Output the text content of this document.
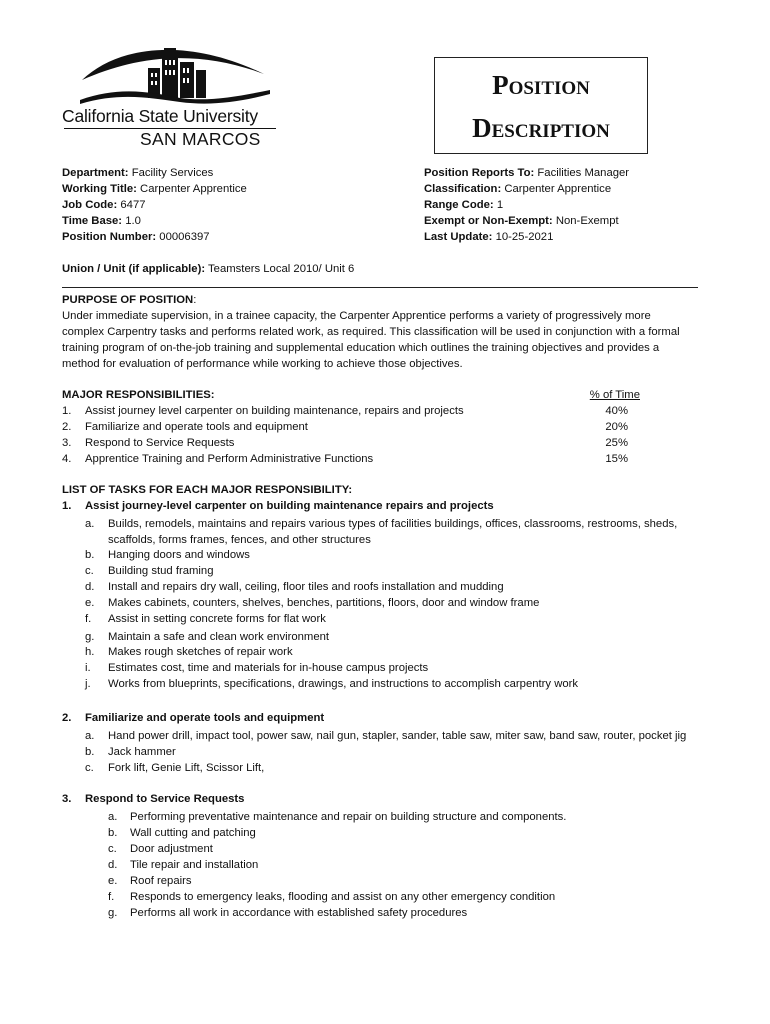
California State University
SAN MARCOS
Position
Description
Department: Facility Services
Working Title: Carpenter Apprentice
Job Code: 6477
Time Base: 1.0
Position Number: 00006397
Position Reports To: Facilities Manager
Classification: Carpenter Apprentice
Range Code: 1
Exempt or Non-Exempt: Non-Exempt
Last Update: 10-25-2021
Union / Unit (if applicable): Teamsters Local 2010/ Unit 6
PURPOSE OF POSITION:
Under immediate supervision, in a trainee capacity, the Carpenter Apprentice performs a variety of progressively more
complex Carpentry tasks and performs related work, as required. This classification will be used in conjunction with a formal
training program of on-the-job training and supplemental education which outlines the training objectives and provides a
method for evaluation of performance while working to achieve those objectives.
MAJOR RESPONSIBILITIES:	% of Time
1. Assist journey level carpenter on building maintenance, repairs and projects	40%
2. Familiarize and operate tools and equipment	20%
3. Respond to Service Requests	25%
4. Apprentice Training and Perform Administrative Functions	15%
LIST OF TASKS FOR EACH MAJOR RESPONSIBILITY:
1. Assist journey-level carpenter on building maintenance repairs and projects
a. Builds, remodels, maintains and repairs various types of facilities buildings, offices, classrooms, restrooms, sheds,
scaffolds, forms frames, fences, and other structures
b. Hanging doors and windows
c. Building stud framing
d. Install and repairs dry wall, ceiling, floor tiles and roofs installation and mudding
e. Makes cabinets, counters, shelves, benches, partitions, floors, door and window frame
f. Assist in setting concrete forms for flat work
g. Maintain a safe and clean work environment
h. Makes rough sketches of repair work
i. Estimates cost, time and materials for in-house campus projects
j. Works from blueprints, specifications, drawings, and instructions to accomplish carpentry work
2. Familiarize and operate tools and equipment
a. Hand power drill, impact tool, power saw, nail gun, stapler, sander, table saw, miter saw, band saw, router, pocket jig
b. Jack hammer
c. Fork lift, Genie Lift, Scissor Lift,
3. Respond to Service Requests
a. Performing preventative maintenance and repair on building structure and components.
b. Wall cutting and patching
c. Door adjustment
d. Tile repair and installation
e. Roof repairs
f. Responds to emergency leaks, flooding and assist on any other emergency condition
g. Performs all work in accordance with established safety procedures
